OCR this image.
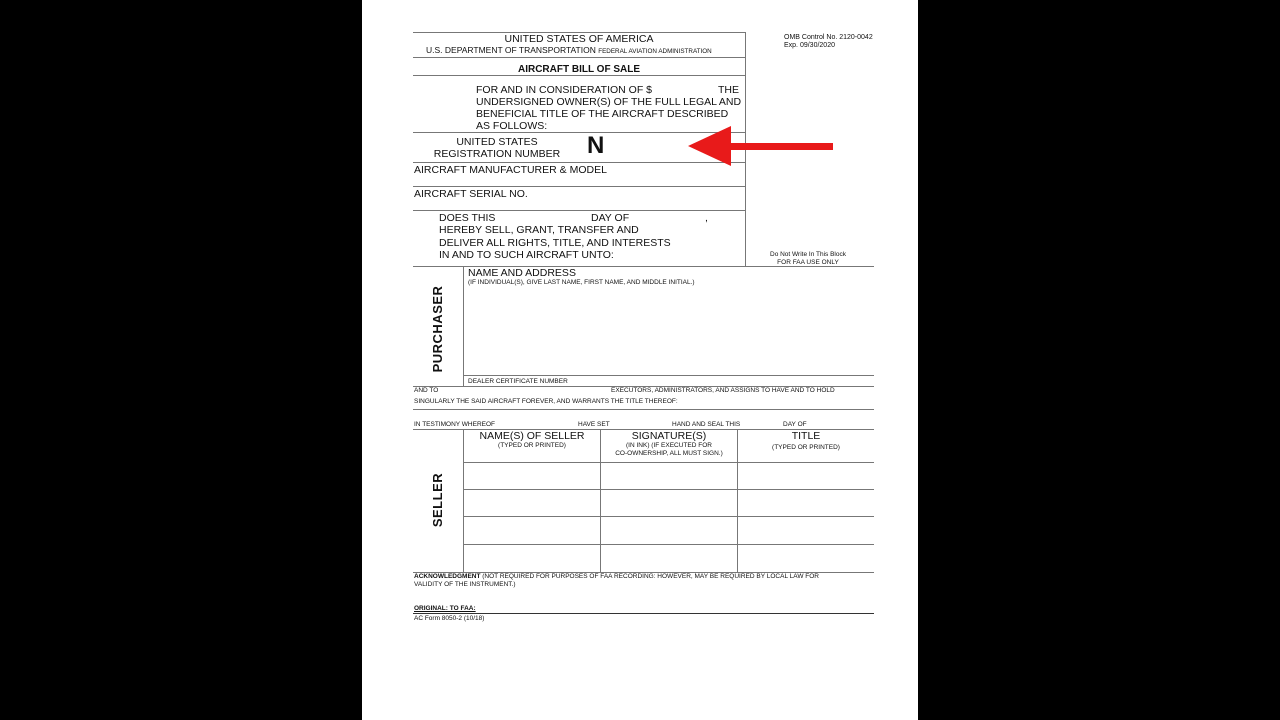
UNITED STATES OF AMERICA
U.S. DEPARTMENT OF TRANSPORTATION FEDERAL AVIATION ADMINISTRATION
OMB Control No. 2120-0042
Exp. 09/30/2020
AIRCRAFT BILL OF SALE
FOR AND IN CONSIDERATION OF $	THE
UNDERSIGNED OWNER(S) OF THE FULL LEGAL AND
BENEFICIAL TITLE OF THE AIRCRAFT DESCRIBED
AS FOLLOWS:
UNITED STATES
REGISTRATION NUMBER N
AIRCRAFT MANUFACTURER & MODEL
AIRCRAFT SERIAL NO.
DOES THIS	DAY OF	,
HEREBY SELL, GRANT, TRANSFER AND
DELIVER ALL RIGHTS, TITLE, AND INTERESTS
IN AND TO SUCH AIRCRAFT UNTO:	Do Not Write In This Block
FOR FAA USE ONLY
PURCHASER
NAME AND ADDRESS
(IF INDIVIDUAL(S), GIVE LAST NAME, FIRST NAME, AND MIDDLE INITIAL.)
DEALER CERTIFICATE NUMBER
AND TO	EXECUTORS, ADMINISTRATORS, AND ASSIGNS TO HAVE AND TO HOLD
SINGULARLY THE SAID AIRCRAFT FOREVER, AND WARRANTS THE TITLE THEREOF:
IN TESTIMONY WHEREOF	HAVE SET	HAND AND SEAL THIS	DAY OF
SELLER
NAME(S) OF SELLER
(TYPED OR PRINTED)
SIGNATURE(S)
(IN INK) (IF EXECUTED FOR
CO-OWNERSHIP, ALL MUST SIGN.)
TITLE
(TYPED OR PRINTED)
ACKNOWLEDGMENT (NOT REQUIRED FOR PURPOSES OF FAA RECORDING: HOWEVER, MAY BE REQUIRED BY LOCAL LAW FOR
VALIDITY OF THE INSTRUMENT.)
ORIGINAL: TO FAA:
AC Form 8050-2 (10/18)
